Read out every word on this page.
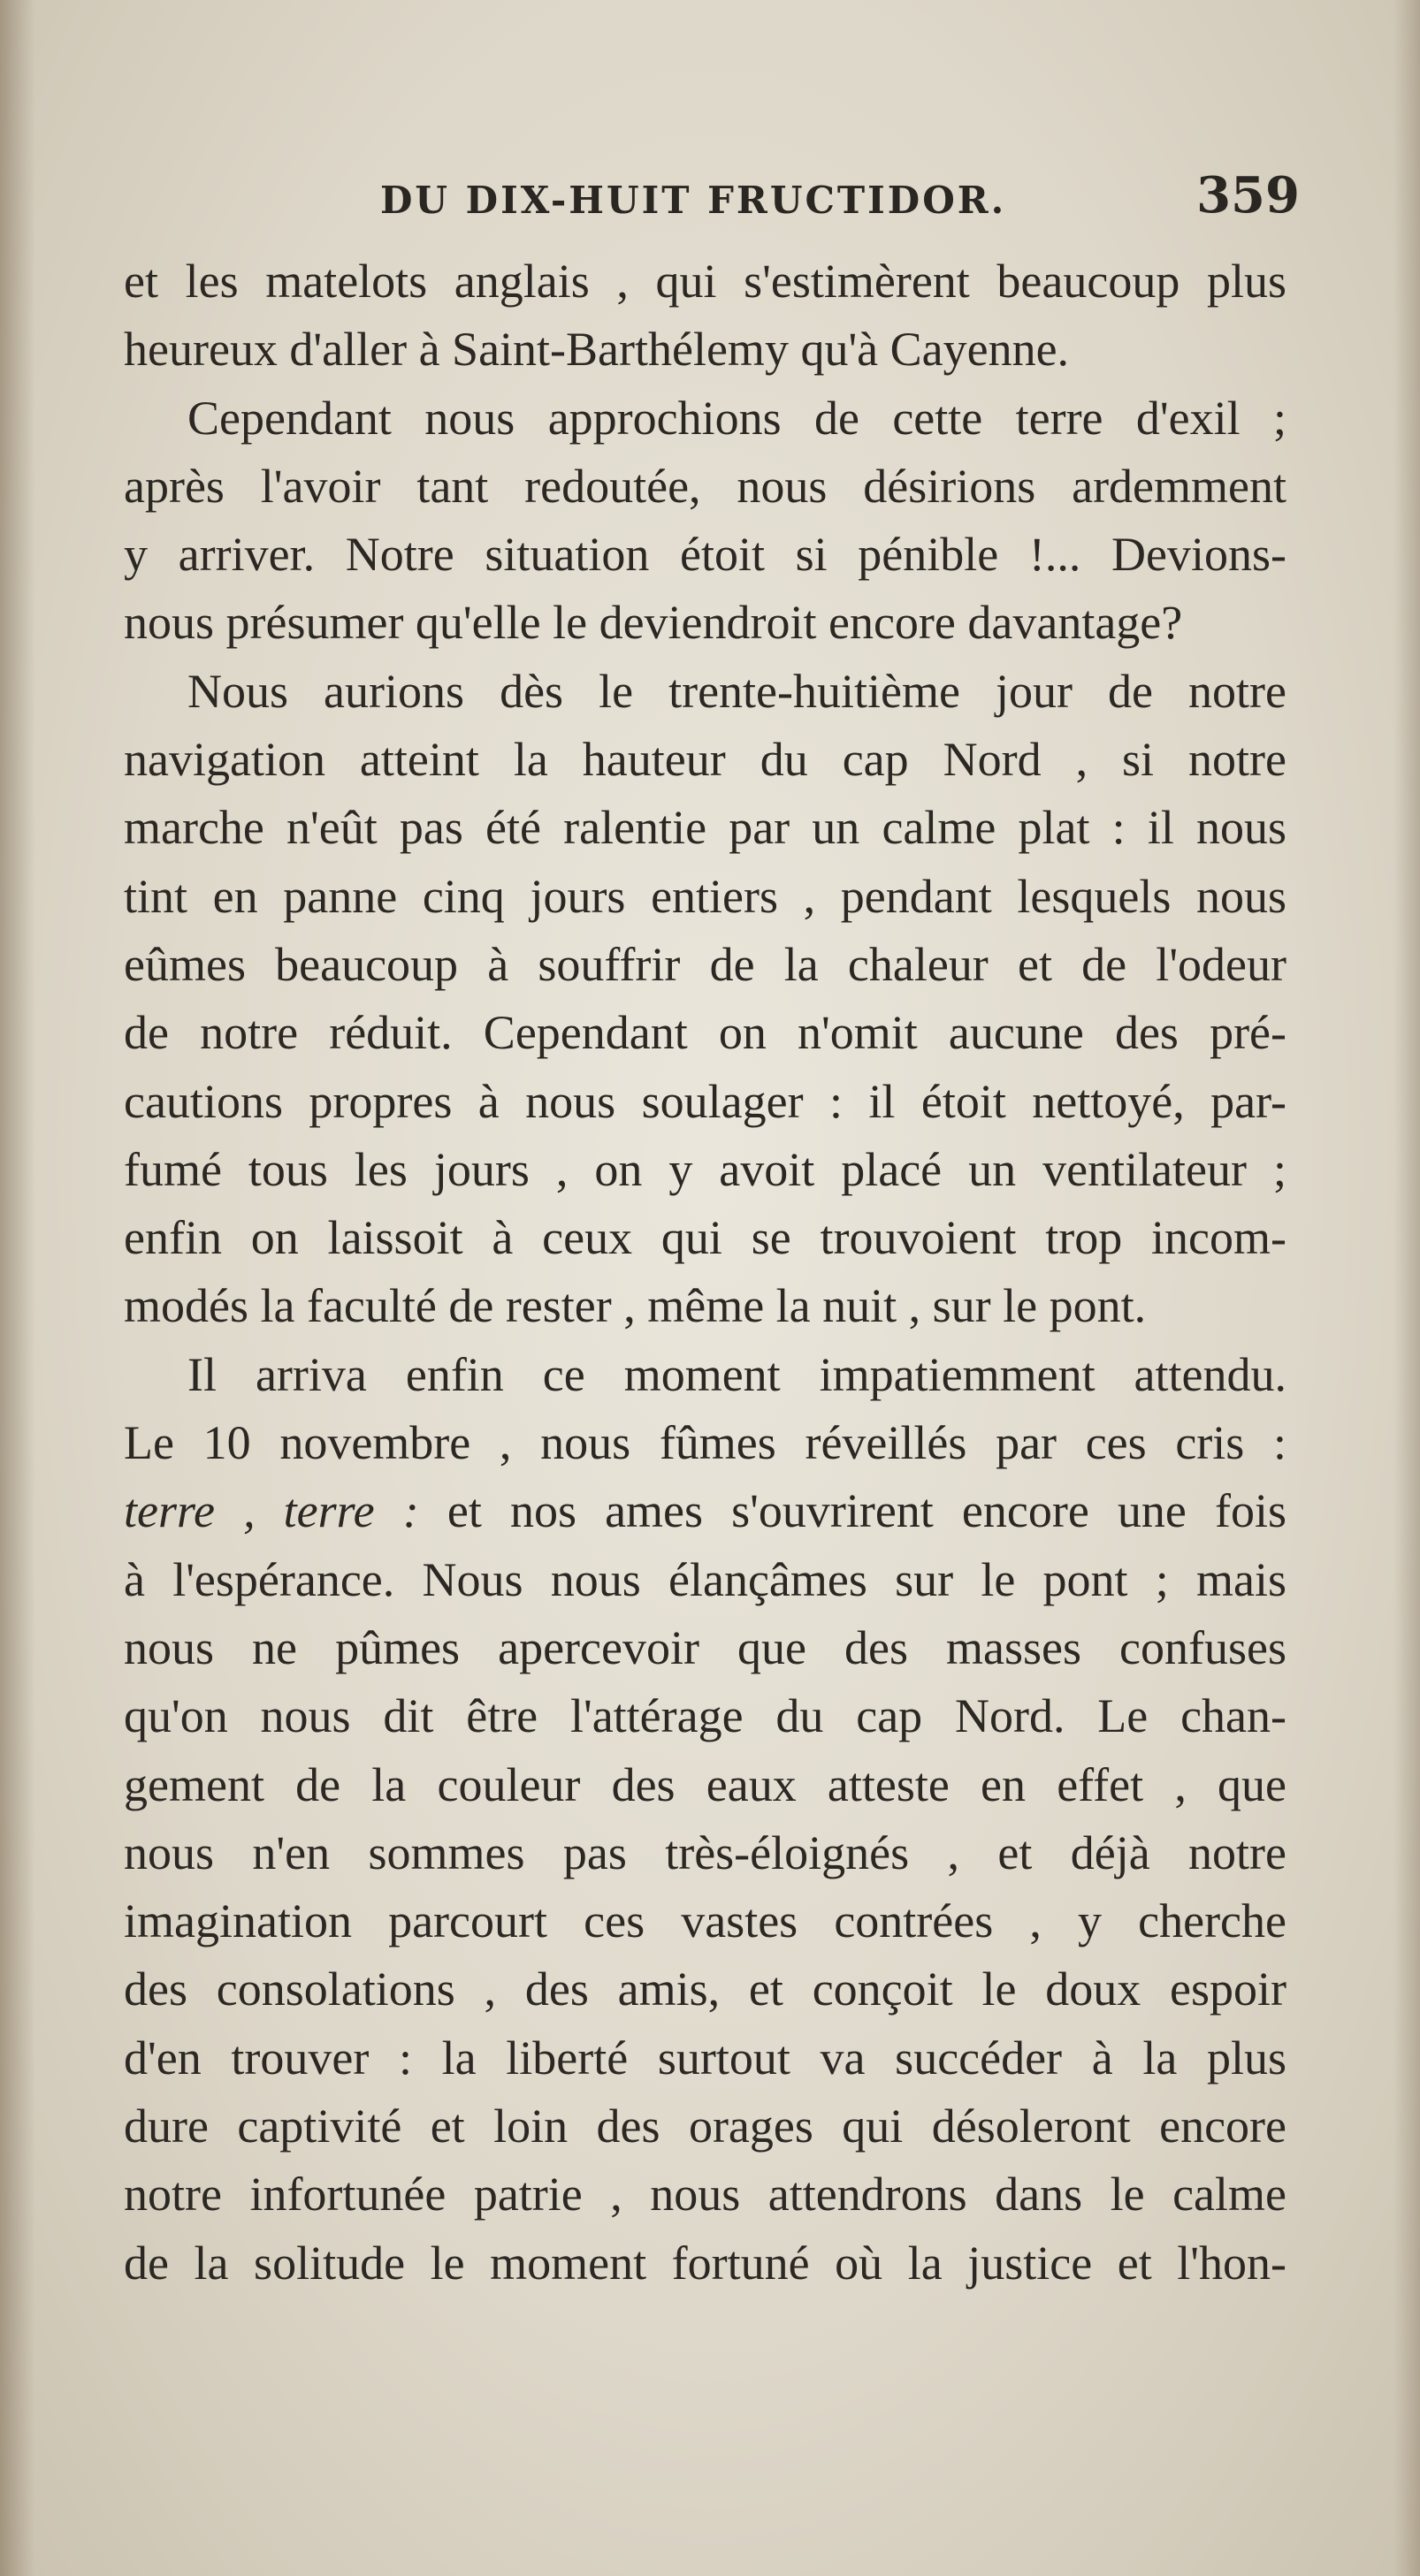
DU DIX-HUIT FRUCTIDOR.	359
et les matelots anglais , qui s'estimèrent beaucoup plus
heureux d'aller à Saint-Barthélemy qu'à Cayenne.
Cependant nous approchions de cette terre d'exil ;
après l'avoir tant redoutée, nous désirions ardemment
y arriver. Notre situation étoit si pénible !... Devions-
nous présumer qu'elle le deviendroit encore davantage?
Nous aurions dès le trente-huitième jour de notre
navigation atteint la hauteur du cap Nord , si notre
marche n'eût pas été ralentie par un calme plat : il nous
tint en panne cinq jours entiers , pendant lesquels nous
eûmes beaucoup à souffrir de la chaleur et de l'odeur
de notre réduit. Cependant on n'omit aucune des pré-
cautions propres à nous soulager : il étoit nettoyé, par-
fumé tous les jours , on y avoit placé un ventilateur ;
enfin on laissoit à ceux qui se trouvoient trop incom-
modés la faculté de rester , même la nuit , sur le pont.
Il arriva enfin ce moment impatiemment attendu.
Le 10 novembre , nous fûmes réveillés par ces cris :
terre , terre : et nos ames s'ouvrirent encore une fois
à l'espérance. Nous nous élançâmes sur le pont ; mais
nous ne pûmes apercevoir que des masses confuses
qu'on nous dit être l'attérage du cap Nord. Le chan-
gement de la couleur des eaux atteste en effet , que
nous n'en sommes pas très-éloignés , et déjà notre
imagination parcourt ces vastes contrées , y cherche
des consolations , des amis, et conçoit le doux espoir
d'en trouver : la liberté surtout va succéder à la plus
dure captivité et loin des orages qui désoleront encore
notre infortunée patrie , nous attendrons dans le calme
de la solitude le moment fortuné où la justice et l'hon-
